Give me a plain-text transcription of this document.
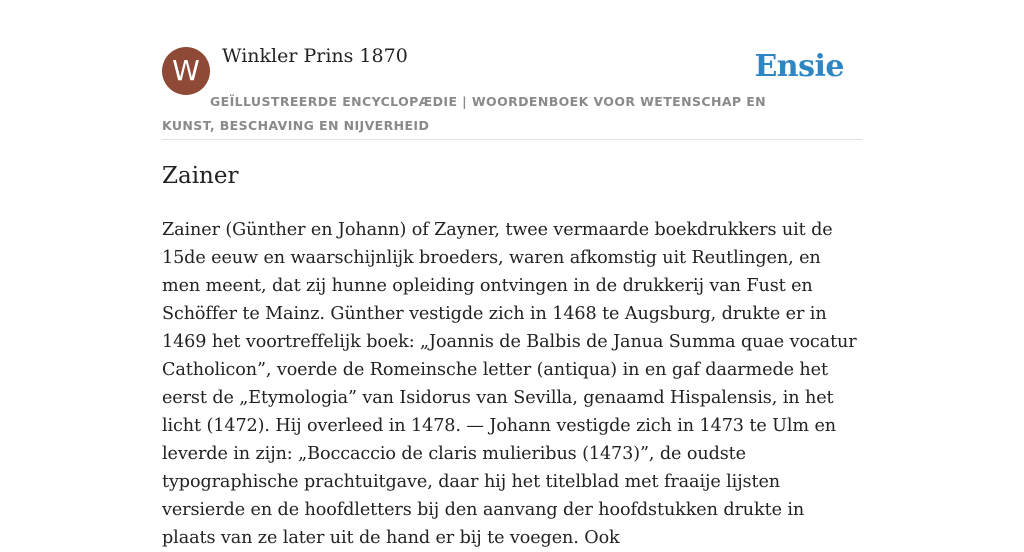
W	Winkler Prins 1870	Ensie
GEÏLLUSTREERDE ENCYCLOPÆDIE | WOORDENBOEK VOOR WETENSCHAP EN KUNST, BESCHAVING EN NIJVERHEID
Zainer

Zainer (Günther en Johann) of Zayner, twee vermaarde boekdrukkers uit de 15de eeuw en waarschijnlijk broeders, waren afkomstig uit Reutlingen, en men meent, dat zij hunne opleiding ontvingen in de drukkerij van Fust en Schöffer te Mainz. Günther vestigde zich in 1468 te Augsburg, drukte er in 1469 het voortreffelijk boek: „Joannis de Balbis de Janua Summa quae vocatur Catholicon”, voerde de Romeinsche letter (antiqua) in en gaf daarmede het eerst de „Etymologia” van Isidorus van Sevilla, genaamd Hispalensis, in het licht (1472). Hij overleed in 1478. — Johann vestigde zich in 1473 te Ulm en leverde in zijn: „Boccaccio de claris mulieribus (1473)”, de oudste typographische prachtuitgave, daar hij het titelblad met fraaije lijsten versierde en de hoofdletters bij den aanvang der hoofdstukken drukte in plaats van ze later uit de hand er bij te voegen. Ook
